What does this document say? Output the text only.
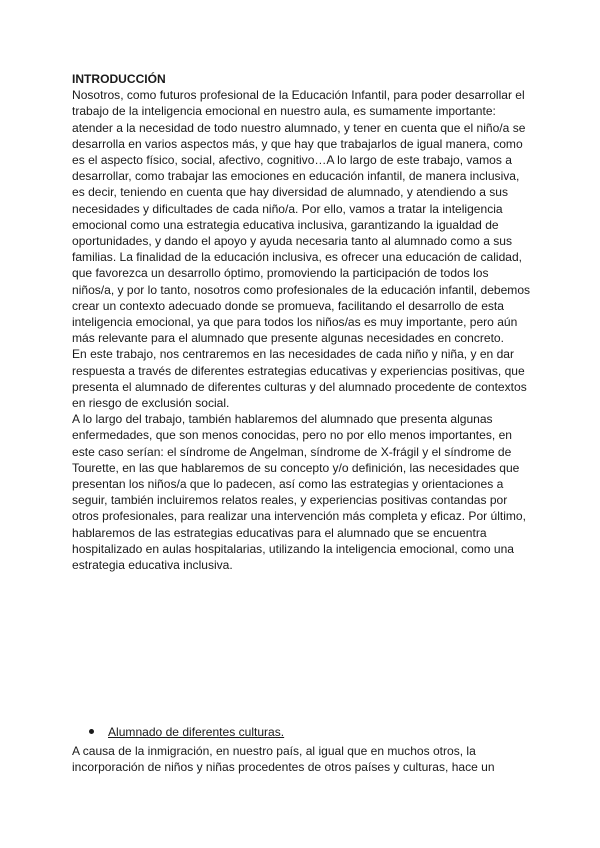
INTRODUCCIÓN

Nosotros, como futuros profesional de la Educación Infantil, para poder desarrollar el trabajo de la inteligencia emocional en nuestro aula, es sumamente importante: atender a la necesidad de todo nuestro alumnado, y tener en cuenta que el niño/a se desarrolla en varios aspectos más, y que hay que trabajarlos de igual manera, como es el aspecto físico, social, afectivo, cognitivo…A lo largo de este trabajo, vamos a desarrollar, como trabajar las emociones en educación infantil, de manera inclusiva, es decir, teniendo en cuenta que hay diversidad de alumnado, y atendiendo a sus necesidades y dificultades de cada niño/a. Por ello, vamos a tratar la inteligencia emocional como una estrategia educativa inclusiva, garantizando la igualdad de oportunidades, y dando el apoyo y ayuda necesaria tanto al alumnado como a sus familias. La finalidad de la educación inclusiva, es ofrecer una educación de calidad, que favorezca un desarrollo óptimo, promoviendo la participación de todos los niños/a, y por lo tanto, nosotros como profesionales de la educación infantil, debemos crear un contexto adecuado donde se promueva, facilitando el desarrollo de esta inteligencia emocional, ya que para todos los niños/as es muy importante, pero aún más relevante para el alumnado que presente algunas necesidades en concreto.

En este trabajo, nos centraremos en las necesidades de cada niño y niña, y en dar respuesta a través de diferentes estrategias educativas y experiencias positivas, que presenta el alumnado de diferentes culturas y del alumnado procedente de contextos en riesgo de exclusión social.

A lo largo del trabajo, también hablaremos del alumnado que presenta algunas enfermedades, que son menos conocidas, pero no por ello menos importantes, en este caso serían: el síndrome de Angelman, síndrome de X-frágil y el síndrome de Tourette, en las que hablaremos de su concepto y/o definición, las necesidades que presentan los niños/a que lo padecen, así como las estrategias y orientaciones a seguir, también incluiremos relatos reales, y experiencias positivas contandas por otros profesionales, para realizar una intervención más completa y eficaz. Por último, hablaremos de las estrategias educativas para el alumnado que se encuentra hospitalizado en aulas hospitalarias, utilizando la inteligencia emocional, como una estrategia educativa inclusiva.

Alumnado de diferentes culturas.

A causa de la inmigración, en nuestro país, al igual que en muchos otros, la incorporación de niños y niñas procedentes de otros países y culturas, hace un
